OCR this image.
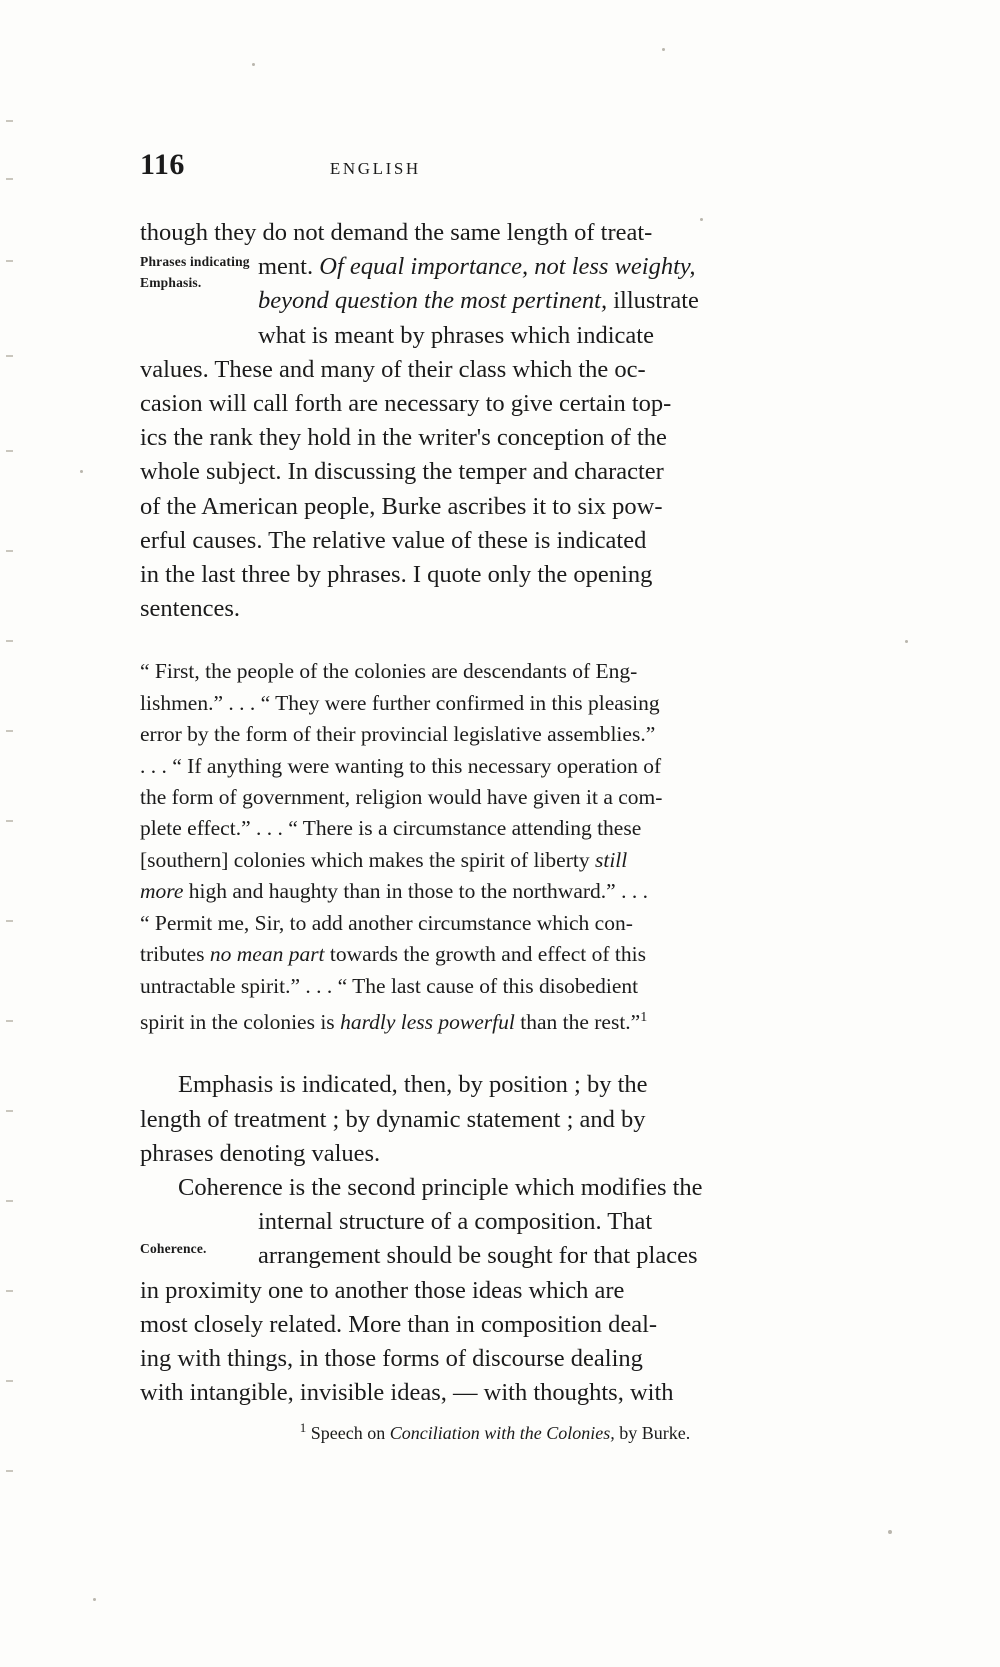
116	ENGLISH
Phrases indicating Emphasis.
though they do not demand the same length of treat-
ment. Of equal importance, not less weighty,
beyond question the most pertinent, illustrate
what is meant by phrases which indicate
values. These and many of their class which the oc-
casion will call forth are necessary to give certain top-
ics the rank they hold in the writer's conception of the
whole subject. In discussing the temper and character
of the American people, Burke ascribes it to six pow-
erful causes. The relative value of these is indicated
in the last three by phrases. I quote only the opening
sentences.
“ First, the people of the colonies are descendants of Eng-
lishmen.” . . . “ They were further confirmed in this pleasing
error by the form of their provincial legislative assemblies.”
. . . “ If anything were wanting to this necessary operation of
the form of government, religion would have given it a com-
plete effect.” . . . “ There is a circumstance attending these
[southern] colonies which makes the spirit of liberty still
more high and haughty than in those to the northward.” . . .
“ Permit me, Sir, to add another circumstance which con-
tributes no mean part towards the growth and effect of this
untractable spirit.” . . . “ The last cause of this disobedient
spirit in the colonies is hardly less powerful than the rest.”$^1$
Emphasis is indicated, then, by position ; by the
length of treatment ; by dynamic statement ; and by
phrases denoting values.
Coherence.
Coherence is the second principle which modifies the
internal structure of a composition. That
arrangement should be sought for that places
in proximity one to another those ideas which are
most closely related. More than in composition deal-
ing with things, in those forms of discourse dealing
with intangible, invisible ideas, — with thoughts, with
$^1$ Speech on Conciliation with the Colonies, by Burke.
